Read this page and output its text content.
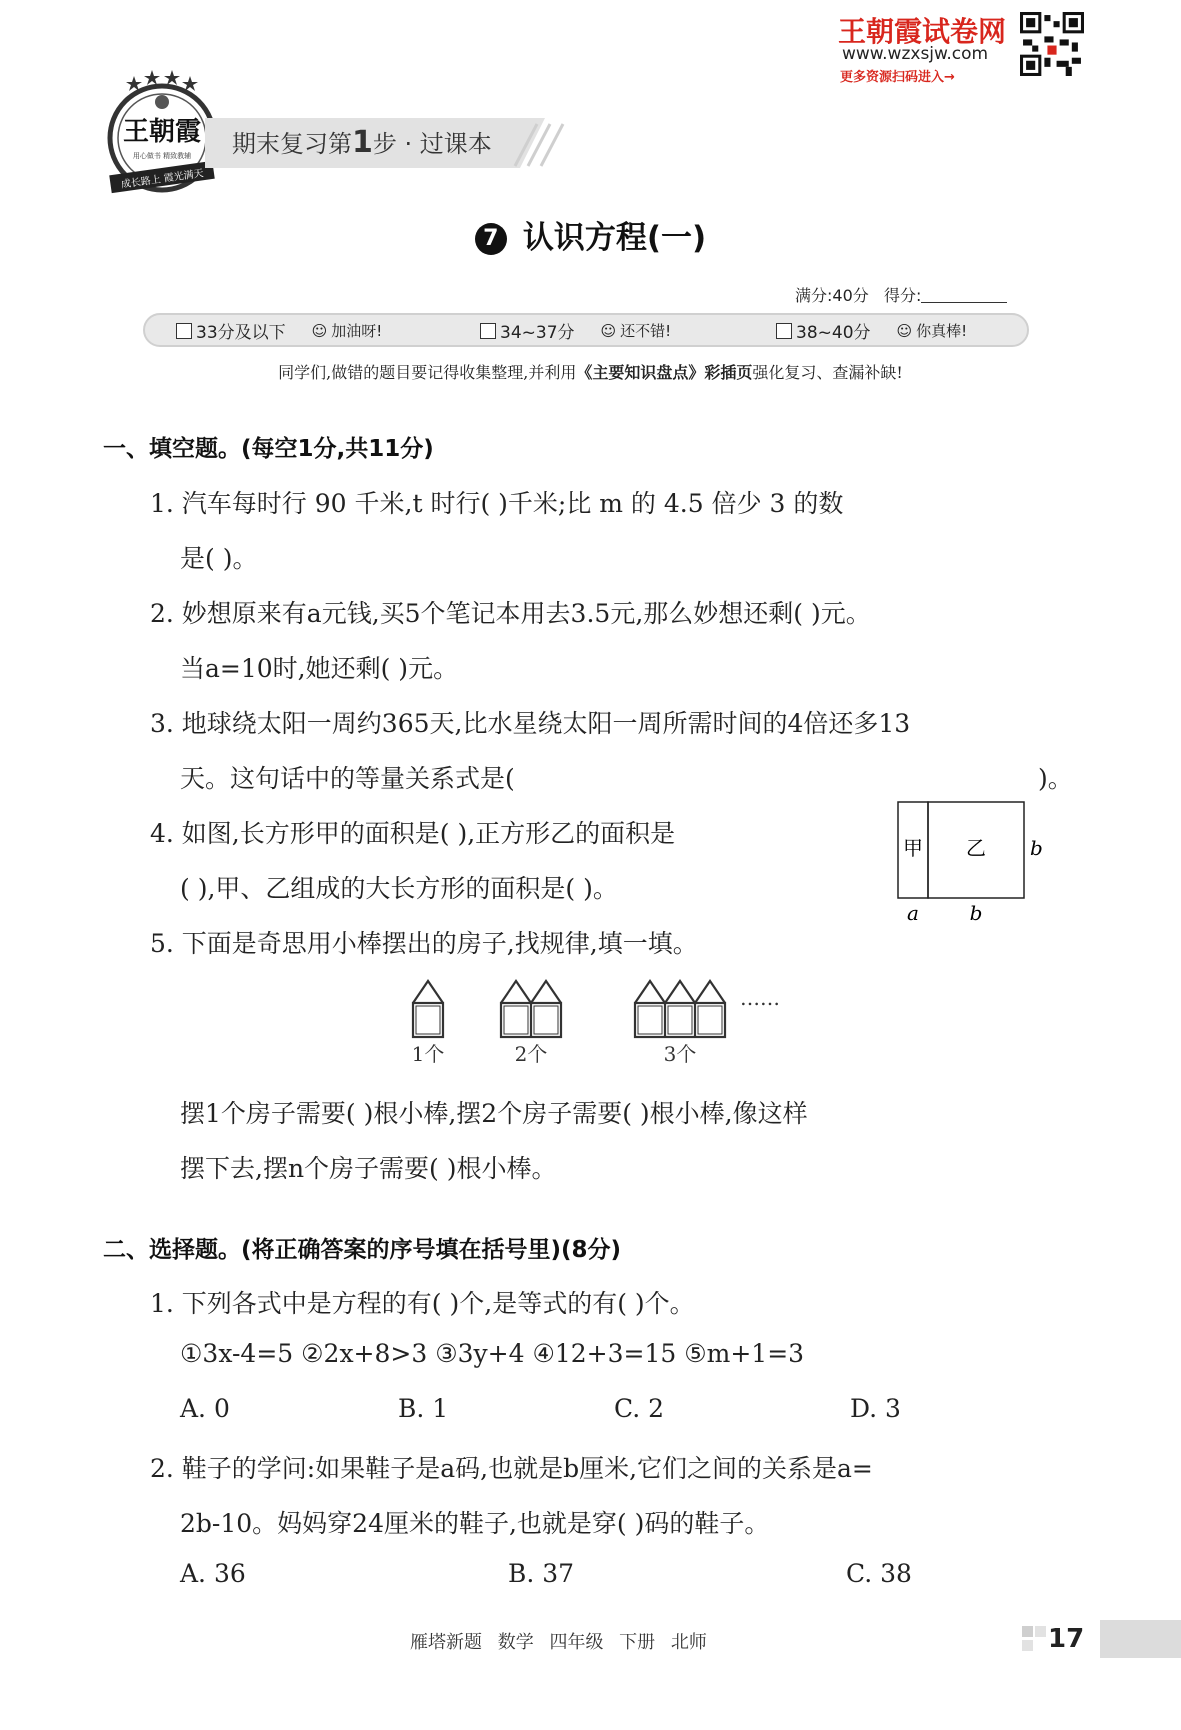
王朝霞试卷网
www.wzxsjw.com
更多资源扫码进入→
王朝霞
用心做书 精致教辅
成长路上 霞光满天
期末复习第1步 · 过课本
7 认识方程(一)
满分:40分 得分:
33分及以下 ☺ 加油呀!	34~37分 ☺ 还不错!	38~40分 ☺ 你真棒!
同学们,做错的题目要记得收集整理,并利用《主要知识盘点》彩插页强化复习、查漏补缺!
一、填空题。(每空1分,共11分)
1. 汽车每时行 90 千米,t 时行( )千米;比 m 的 4.5 倍少 3 的数
是( )。
2. 妙想原来有a元钱,买5个笔记本用去3.5元,那么妙想还剩( )元。
当a=10时,她还剩( )元。
3. 地球绕太阳一周约365天,比水星绕太阳一周所需时间的4倍还多13
天。这句话中的等量关系式是(	)。
4. 如图,长方形甲的面积是( ),正方形乙的面积是
( ),甲、乙组成的大长方形的面积是( )。
甲 乙 b
a	b
5. 下面是奇思用小棒摆出的房子,找规律,填一填。
……
1个	2个	3个
摆1个房子需要( )根小棒,摆2个房子需要( )根小棒,像这样
摆下去,摆n个房子需要( )根小棒。
二、选择题。(将正确答案的序号填在括号里)(8分)
1. 下列各式中是方程的有( )个,是等式的有( )个。
①3x-4=5 ②2x+8>3 ③3y+4 ④12+3=15 ⑤m+1=3
A. 0	B. 1	C. 2	D. 3
2. 鞋子的学问:如果鞋子是a码,也就是b厘米,它们之间的关系是a=
2b-10。妈妈穿24厘米的鞋子,也就是穿( )码的鞋子。
A. 36	B. 37	C. 38
雁塔新题 数学 四年级 下册 北师	17
